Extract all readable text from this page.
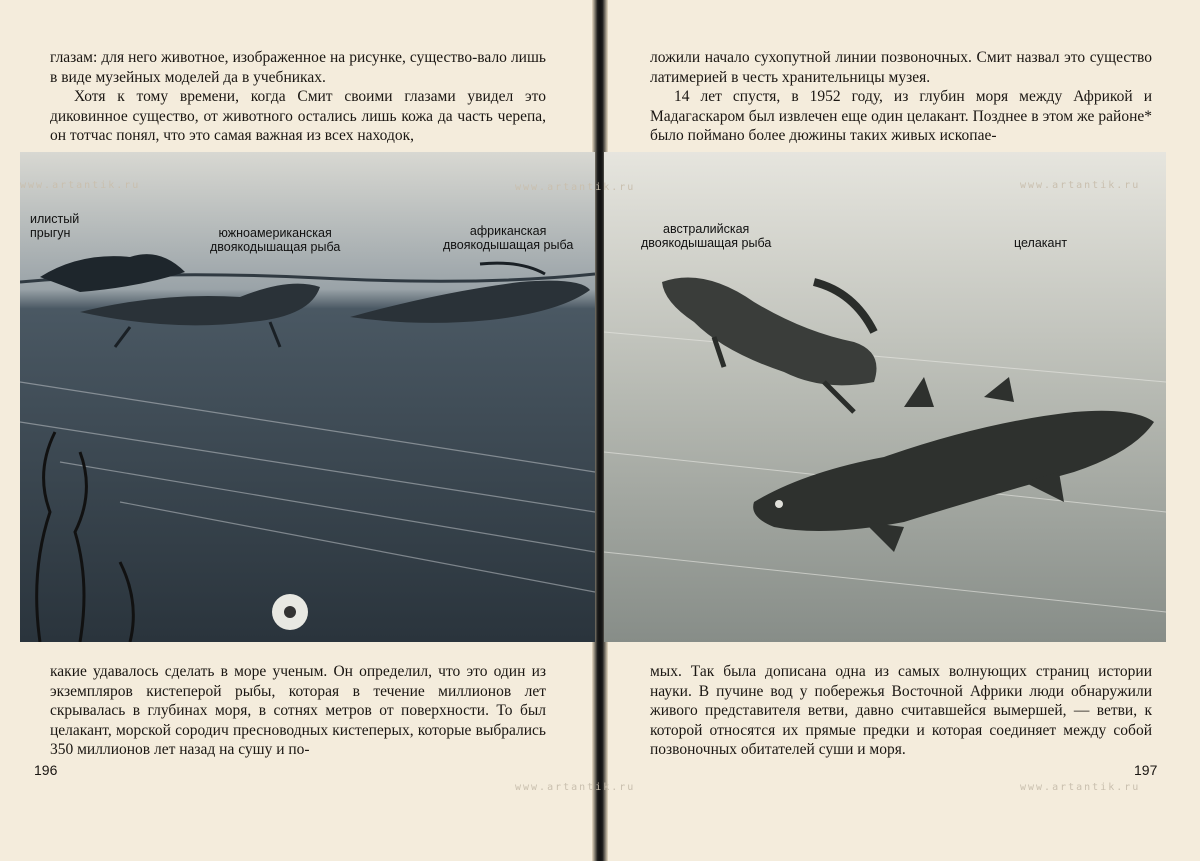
илистый
прыгун	южноамериканская
двоякодышащая рыба
африканская
двоякодышащая рыба
австралийская
двоякодышащая рыба	целакант

глазам: для него животное, изображенное на рисунке, существо-вало лишь в виде музейных моделей да в учебниках.

Хотя к тому времени, когда Смит своими глазами увидел это диковинное существо, от животного остались лишь кожа да часть черепа, он тотчас понял, что это самая важная из всех находок,

какие удавалось сделать в море ученым. Он определил, что это один из экземпляров кистеперой рыбы, которая в течение миллионов лет скрывалась в глубинах моря, в сотнях метров от поверхности. То был целакант, морской сородич пресноводных кистеперых, которые выбрались 350 миллионов лет назад на сушу и по-

196

ложили начало сухопутной линии позвоночных. Смит назвал это существо латимерией в честь хранительницы музея.

14 лет спустя, в 1952 году, из глубин моря между Африкой и Мадагаскаром был извлечен еще один целакант. Позднее в этом же районе* было поймано более дюжины таких живых ископае-

мых. Так была дописана одна из самых волнующих страниц истории науки. В пучине вод у побережья Восточной Африки люди обнаружили живого представителя ветви, давно считавшейся вымершей, — ветви, к которой относятся их прямые предки и которая соединяет между собой позвоночных обитателей суши и моря.

197
www.artantik.ru	www.artantik.ru	www.artantik.ru
www.artantik.ru	www.artantik.ru
